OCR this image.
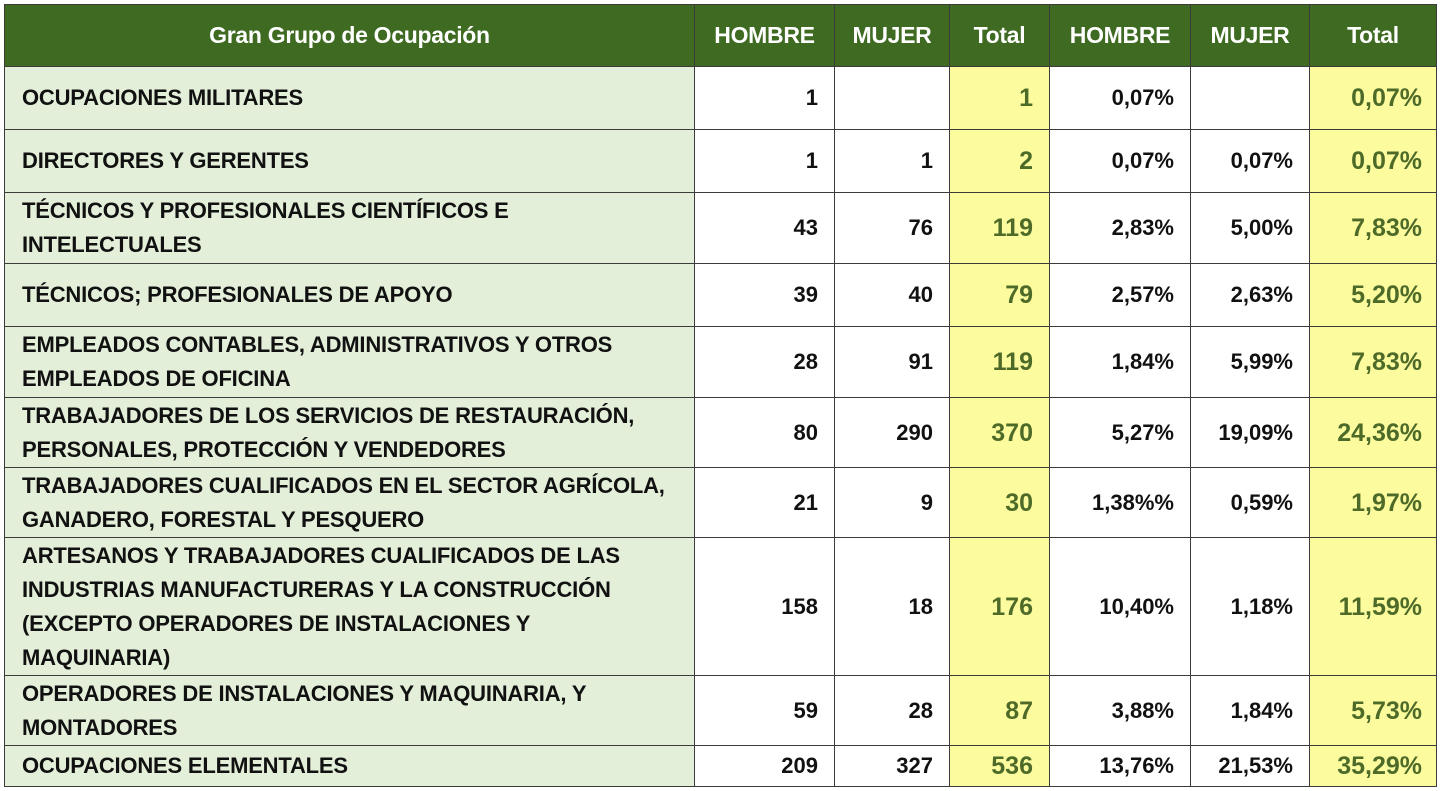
Gran Grupo de Ocupación	HOMBRE	MUJER	Total	HOMBRE	MUJER	Total
OCUPACIONES MILITARES	1		1	0,07%		0,07%
DIRECTORES Y GERENTES	1	1	2	0,07%	0,07%	0,07%
TÉCNICOS Y PROFESIONALES CIENTÍFICOS E INTELECTUALES	43	76	119	2,83%	5,00%	7,83%
TÉCNICOS; PROFESIONALES DE APOYO	39	40	79	2,57%	2,63%	5,20%
EMPLEADOS CONTABLES, ADMINISTRATIVOS Y OTROS EMPLEADOS DE OFICINA	28	91	119	1,84%	5,99%	7,83%
TRABAJADORES DE LOS SERVICIOS DE RESTAURACIÓN, PERSONALES, PROTECCIÓN Y VENDEDORES	80	290	370	5,27%	19,09%	24,36%
TRABAJADORES CUALIFICADOS EN EL SECTOR AGRÍCOLA, GANADERO, FORESTAL Y PESQUERO	21	9	30	1,38%%	0,59%	1,97%
ARTESANOS Y TRABAJADORES CUALIFICADOS DE LAS INDUSTRIAS MANUFACTURERAS Y LA CONSTRUCCIÓN (EXCEPTO OPERADORES DE INSTALACIONES Y MAQUINARIA)	158	18	176	10,40%	1,18%	11,59%
OPERADORES DE INSTALACIONES Y MAQUINARIA, Y MONTADORES	59	28	87	3,88%	1,84%	5,73%
OCUPACIONES ELEMENTALES	209	327	536	13,76%	21,53%	35,29%
